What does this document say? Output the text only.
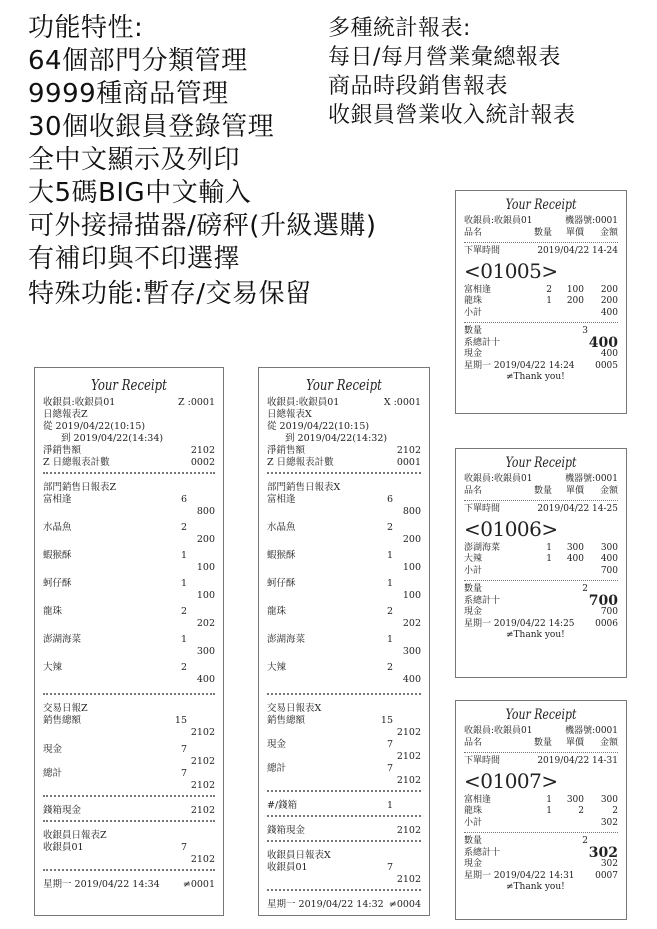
功能特性:
64個部門分類管理
9999種商品管理
30個收銀員登錄管理
全中文顯示及列印
大5碼BIG中文輸入
可外接掃描器/磅秤(升級選購)
有補印與不印選擇
特殊功能:暫存/交易保留
多種統計報表:
每日/每月營業彙總報表
商品時段銷售報表
收銀員營業收入統計報表
Your Receipt
收銀員:收銀員01	Z :0001
日總報表Z
從 2019/04/22(10:15)
到 2019/04/22(14:34)
淨銷售額	2102
Z 日總報表計數	0002
部門銷售日報表Z
富相逢	6
800
水晶魚	2
200
蝦猴酥	1
100
蚵仔酥	1
100
龍珠	2
202
澎湖海菜	1
300
大辣	2
400
交易日報Z
銷售總額	15
2102
現金	7
2102
總計	7
2102
錢箱現金	2102
收銀員日報表Z
收銀員01	7
2102
星期一 2019/04/22 14:34 ≠0001
Your Receipt
收銀員:收銀員01	X :0001
日總報表X
從 2019/04/22(10:15)
到 2019/04/22(14:32)
淨銷售額	2102
Z 日總報表計數	0001
部門銷售日報表X
富相逢	6
800
水晶魚	2
200
蝦猴酥	1
100
蚵仔酥	1
100
龍珠	2
202
澎湖海菜	1
300
大辣	2
400
交易日報表X
銷售總額	15
2102
現金	7
2102
總計	7
2102
#/錢箱	1
錢箱現金	2102
收銀員日報表X
收銀員01	7
2102
星期一 2019/04/22 14:32 ≠0004
Your Receipt
收銀員:收銀員01	機器號:0001
品名	數量	單價	金額
下單時間	2019/04/22 14-24
<01005>
富相逢	2	100	200
龍珠	1	200	200
小計	400
數量	3
系總計十	400
現金	400
星期一 2019/04/22 14:24 0005
≠Thank you!
Your Receipt
收銀員:收銀員01	機器號:0001
品名	數量	單價	金額
下單時間	2019/04/22 14-25
<01006>
澎湖海菜	1	300	300
大辣	1	400	400
小計	700
數量	2
系總計十	700
現金	700
星期一 2019/04/22 14:25 0006
≠Thank you!
Your Receipt
收銀員:收銀員01	機器號:0001
品名	數量	單價	金額
下單時間	2019/04/22 14-31
<01007>
富相逢	1	300	300
龍珠	1	2	2
小計	302
數量	2
系總計十	302
現金	302
星期一 2019/04/22 14:31 0007
≠Thank you!
